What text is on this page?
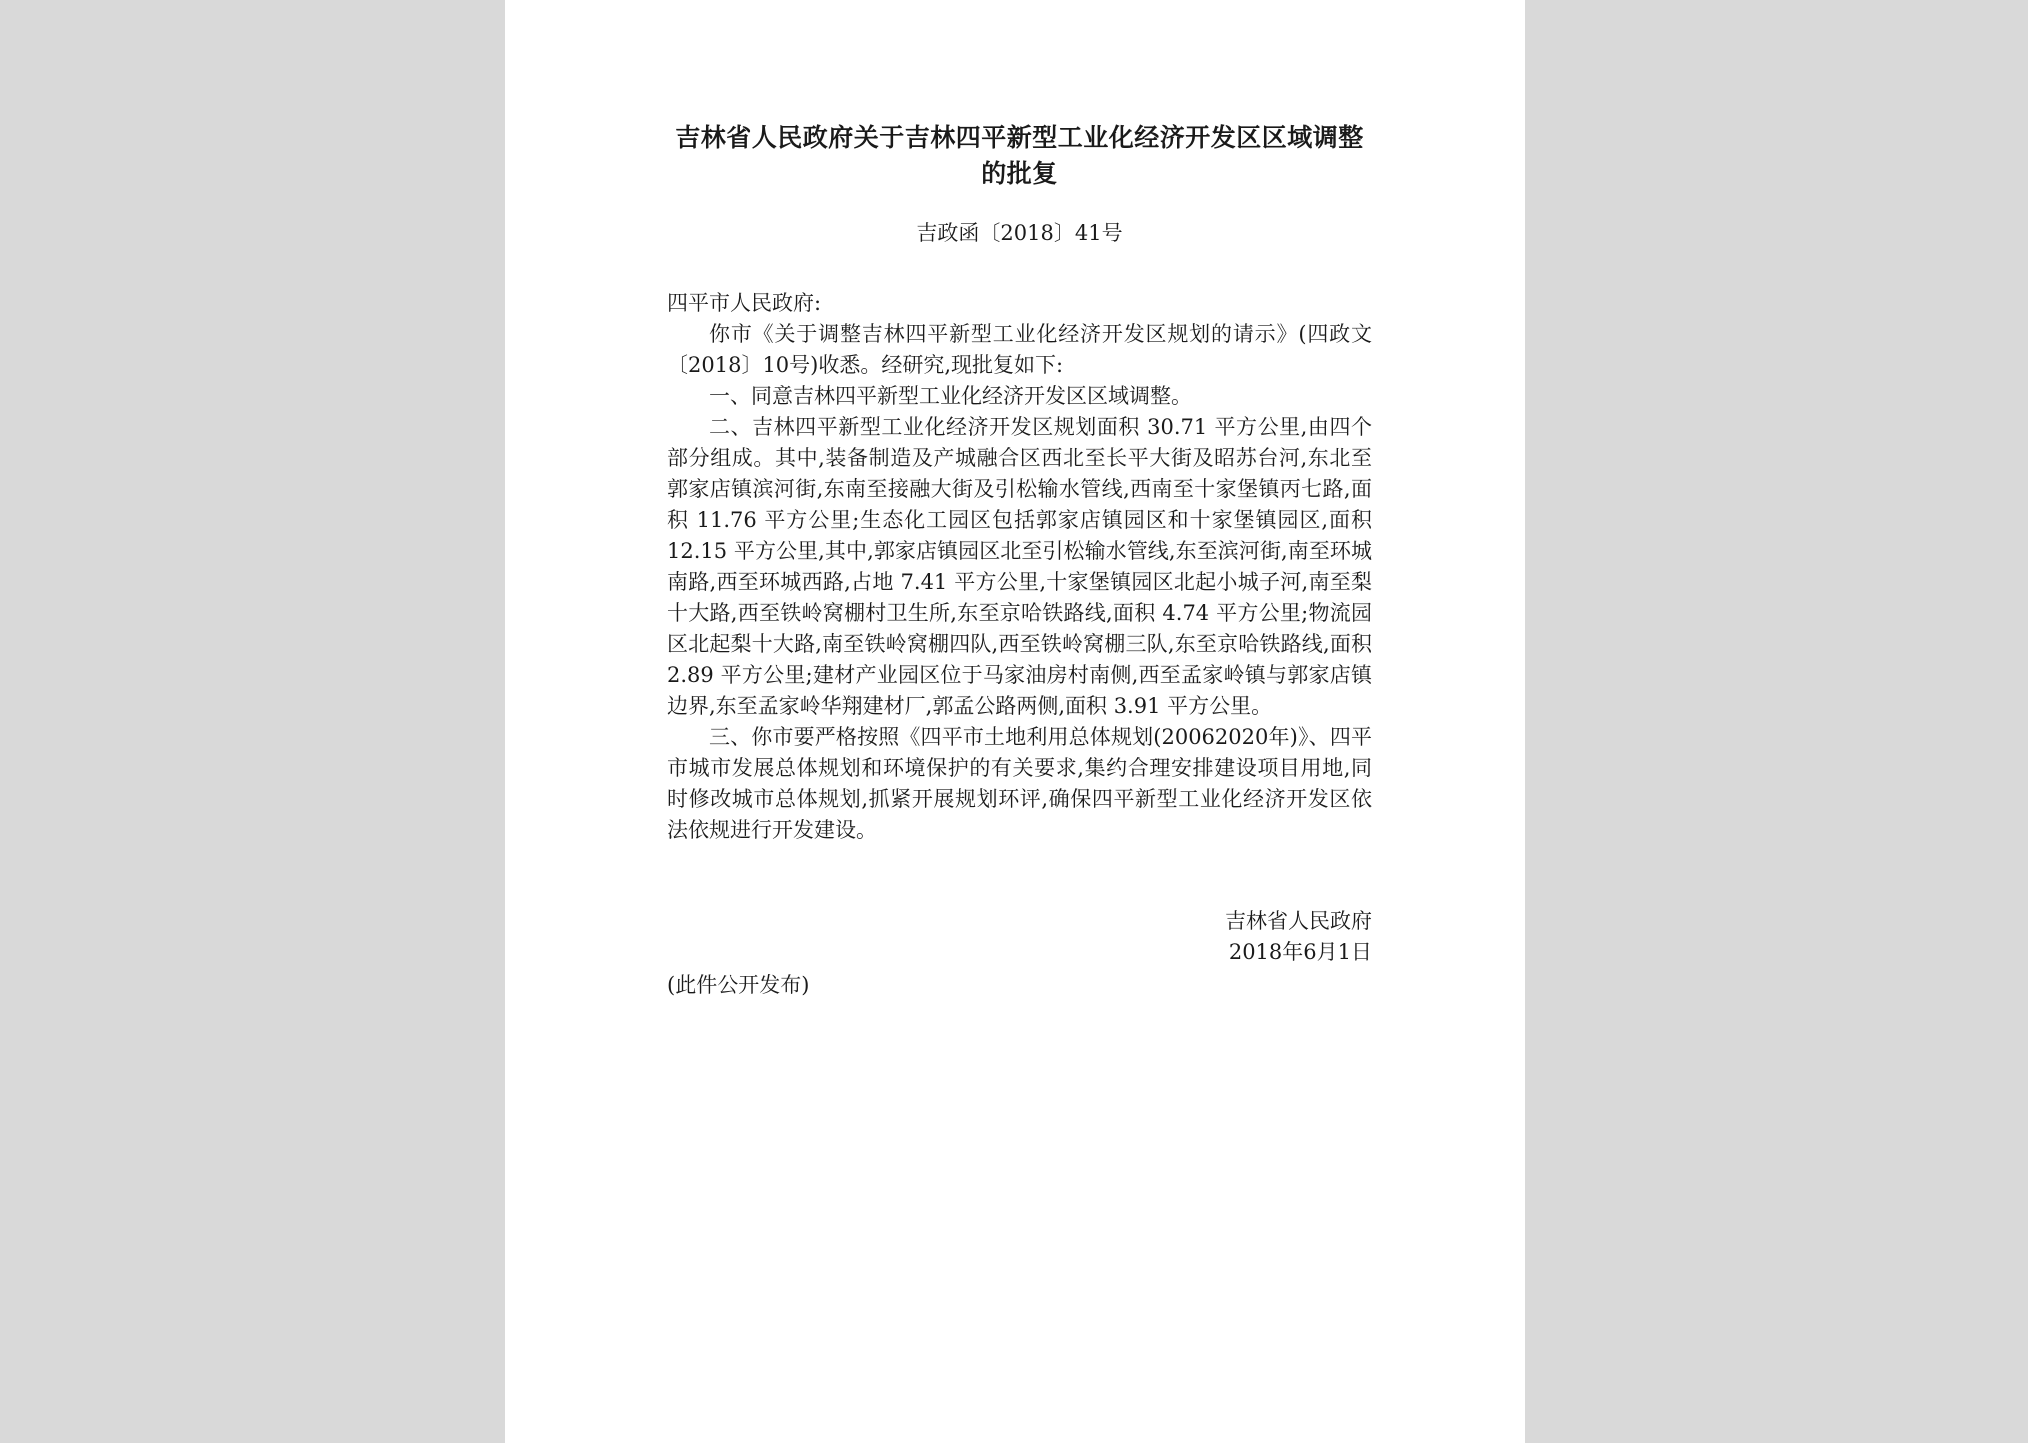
吉林省人民政府关于吉林四平新型工业化经济开发区区域调整的批复
吉政函〔2018〕41号

四平市人民政府:

你市《关于调整吉林四平新型工业化经济开发区规划的请示》(四政文〔2018〕10号)收悉。经研究,现批复如下:

一、同意吉林四平新型工业化经济开发区区域调整。

二、吉林四平新型工业化经济开发区规划面积 30.71 平方公里,由四个部分组成。其中,装备制造及产城融合区西北至长平大街及昭苏台河,东北至郭家店镇滨河街,东南至接融大街及引松输水管线,西南至十家堡镇丙七路,面积 11.76 平方公里;生态化工园区包括郭家店镇园区和十家堡镇园区,面积 12.15 平方公里,其中,郭家店镇园区北至引松输水管线,东至滨河街,南至环城南路,西至环城西路,占地 7.41 平方公里,十家堡镇园区北起小城子河,南至梨十大路,西至铁岭窝棚村卫生所,东至京哈铁路线,面积 4.74 平方公里;物流园区北起梨十大路,南至铁岭窝棚四队,西至铁岭窝棚三队,东至京哈铁路线,面积 2.89 平方公里;建材产业园区位于马家油房村南侧,西至孟家岭镇与郭家店镇边界,东至孟家岭华翔建材厂,郭孟公路两侧,面积 3.91 平方公里。

三、你市要严格按照《四平市土地利用总体规划(20062020年)》、四平市城市发展总体规划和环境保护的有关要求,集约合理安排建设项目用地,同时修改城市总体规划,抓紧开展规划环评,确保四平新型工业化经济开发区依法依规进行开发建设。

吉林省人民政府
2018年6月1日
(此件公开发布)
